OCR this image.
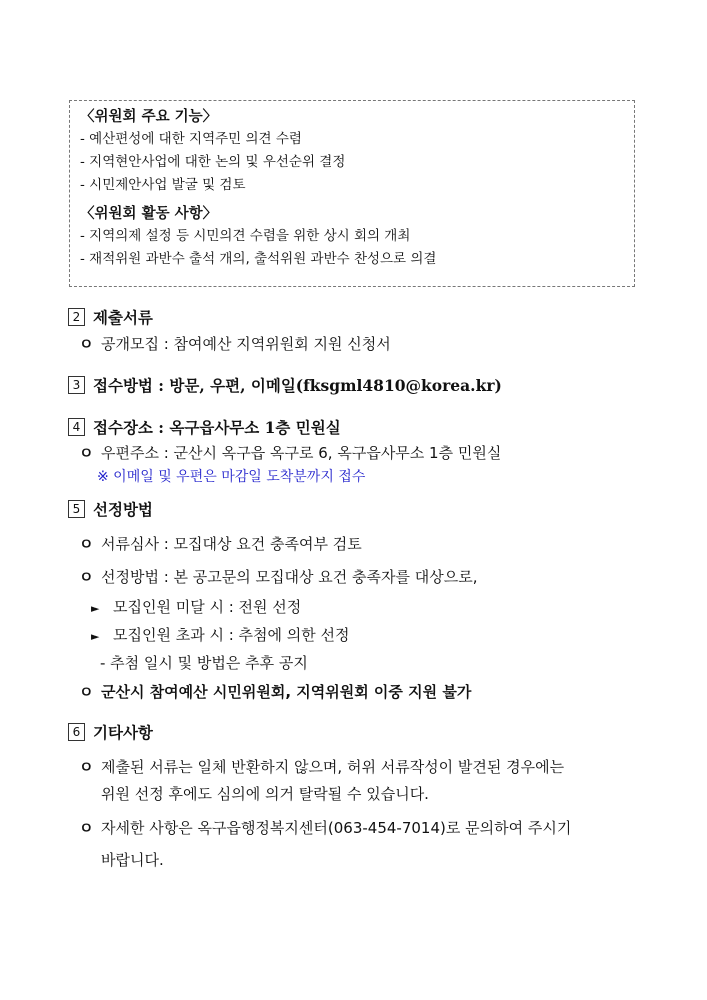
〈위원회 주요 기능〉
- 예산편성에 대한 지역주민 의견 수렴
- 지역현안사업에 대한 논의 및 우선순위 결정
- 시민제안사업 발굴 및 검토
〈위원회 활동 사항〉
- 지역의제 설정 등 시민의견 수렴을 위한 상시 회의 개최
- 재적위원 과반수 출석 개의, 출석위원 과반수 찬성으로 의결
2 제출서류
ㅇ 공개모집 : 참여예산 지역위원회 지원 신청서
3 접수방법 : 방문, 우편, 이메일(fksgml4810@korea.kr)
4 접수장소 : 옥구읍사무소 1층 민원실
ㅇ 우편주소 : 군산시 옥구읍 옥구로 6, 옥구읍사무소 1층 민원실
※ 이메일 및 우편은 마감일 도착분까지 접수
5 선정방법
ㅇ 서류심사 : 모집대상 요건 충족여부 검토
ㅇ 선정방법 : 본 공고문의 모집대상 요건 충족자를 대상으로,
► 모집인원 미달 시 : 전원 선정
► 모집인원 초과 시 : 추첨에 의한 선정
- 추첨 일시 및 방법은 추후 공지
ㅇ 군산시 참여예산 시민위원회, 지역위원회 이중 지원 불가
6 기타사항
ㅇ 제출된 서류는 일체 반환하지 않으며, 허위 서류작성이 발견된 경우에는
위원 선정 후에도 심의에 의거 탈락될 수 있습니다.
ㅇ 자세한 사항은 옥구읍행정복지센터(063-454-7014)로 문의하여 주시기
바랍니다.
